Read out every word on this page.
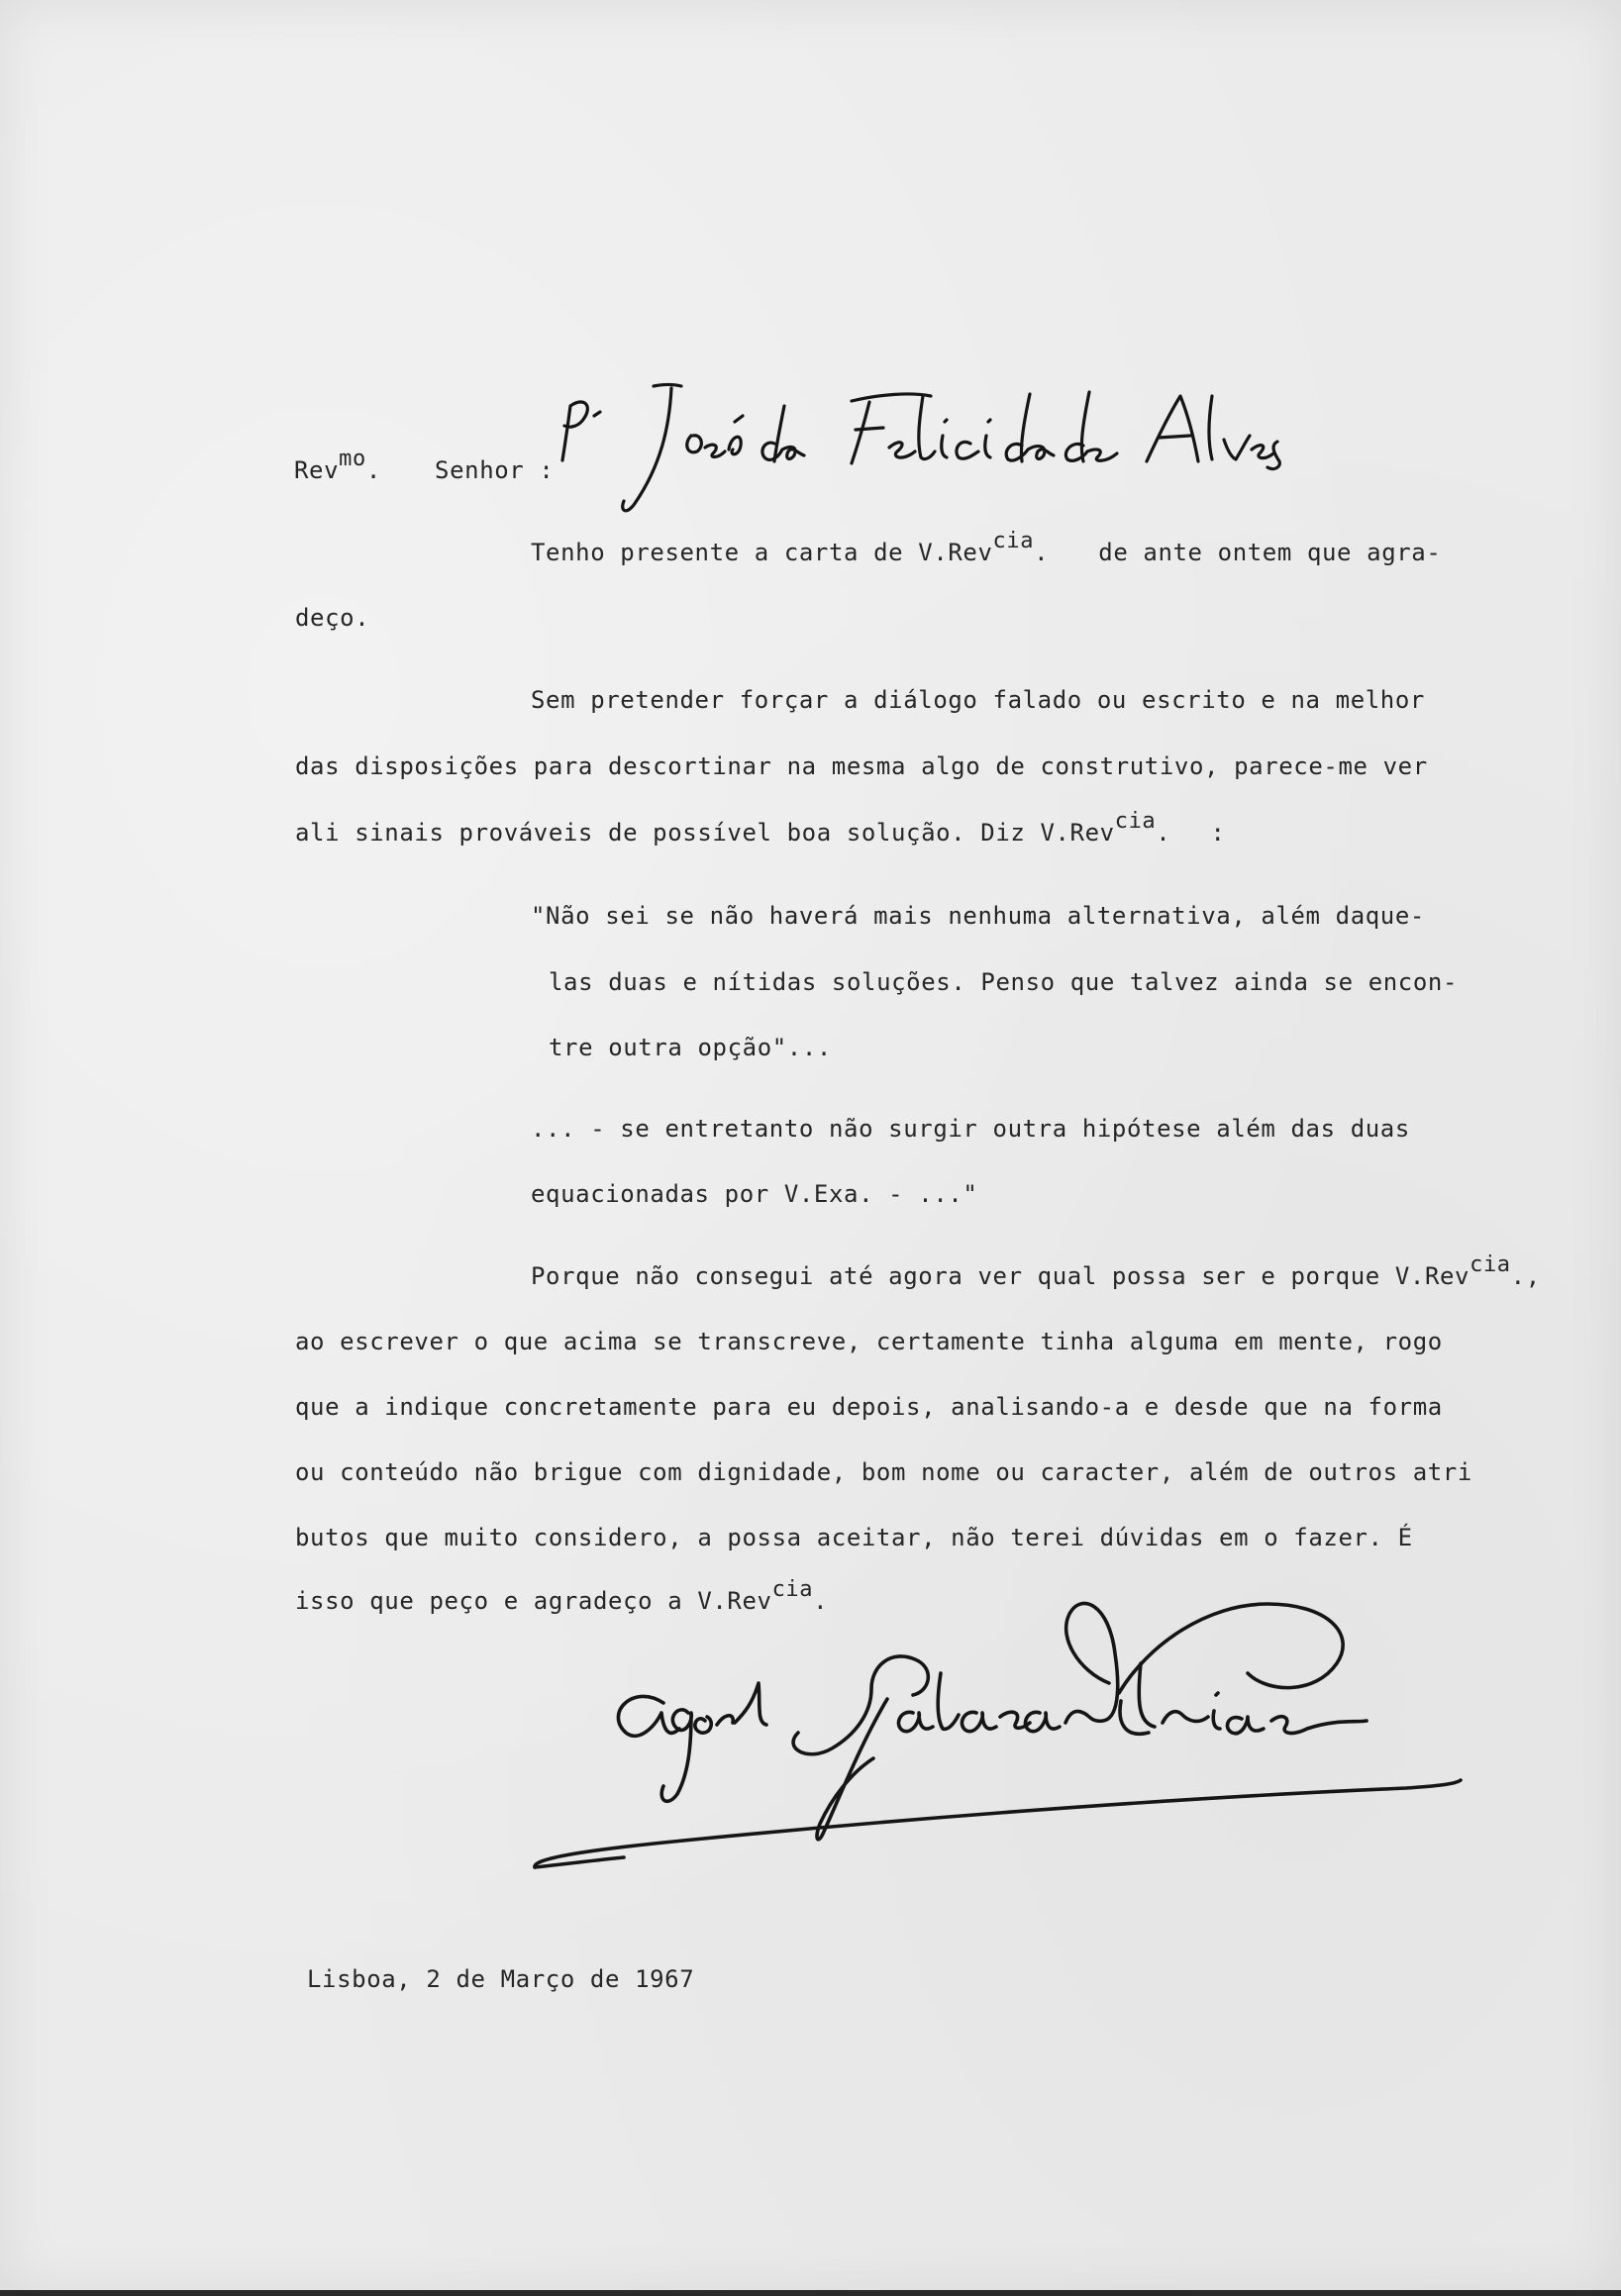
Revmo. Senhor :
Tenho presente a carta de V.Revcia. de ante ontem que agra-
deço.
Sem pretender forçar a diálogo falado ou escrito e na melhor
das disposições para descortinar na mesma algo de construtivo, parece-me ver
ali sinais prováveis de possível boa solução. Diz V.Revcia. :
"Não sei se não haverá mais nenhuma alternativa, além daque-
las duas e nítidas soluções. Penso que talvez ainda se encon-
tre outra opção"...
... - se entretanto não surgir outra hipótese além das duas
equacionadas por V.Exa. - ..."
Porque não consegui até agora ver qual possa ser e porque V.Revcia.,
ao escrever o que acima se transcreve, certamente tinha alguma em mente, rogo
que a indique concretamente para eu depois, analisando-a e desde que na forma
ou conteúdo não brigue com dignidade, bom nome ou caracter, além de outros atri
butos que muito considero, a possa aceitar, não terei dúvidas em o fazer. É
isso que peço e agradeço a V.Revcia.
Lisboa, 2 de Março de 1967
